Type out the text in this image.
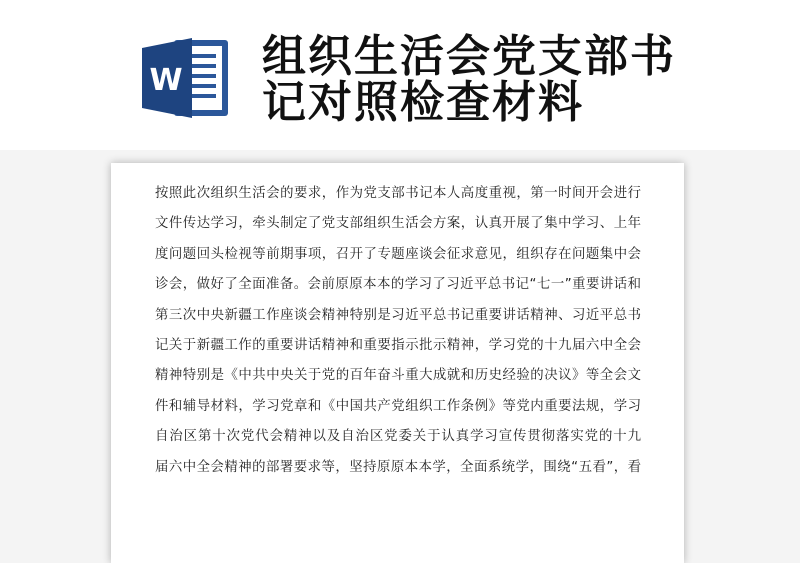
W 组织生活会党支部书记对照检查材料
按照此次组织生活会的要求，作为党支部书记本人高度重视，第一时间开会进行
文件传达学习，牵头制定了党支部组织生活会方案，认真开展了集中学习、上年
度问题回头检视等前期事项，召开了专题座谈会征求意见，组织存在问题集中会
诊会，做好了全面准备。会前原原本本的学习了习近平总书记“七一”重要讲话和
第三次中央新疆工作座谈会精神特别是习近平总书记重要讲话精神、习近平总书
记关于新疆工作的重要讲话精神和重要指示批示精神，学习党的十九届六中全会
精神特别是《中共中央关于党的百年奋斗重大成就和历史经验的决议》等全会文
件和辅导材料，学习党章和《中国共产党组织工作条例》等党内重要法规，学习
自治区第十次党代会精神以及自治区党委关于认真学习宣传贯彻落实党的十九
届六中全会精神的部署要求等，坚持原原本本学，全面系统学，围绕“五看”，看
